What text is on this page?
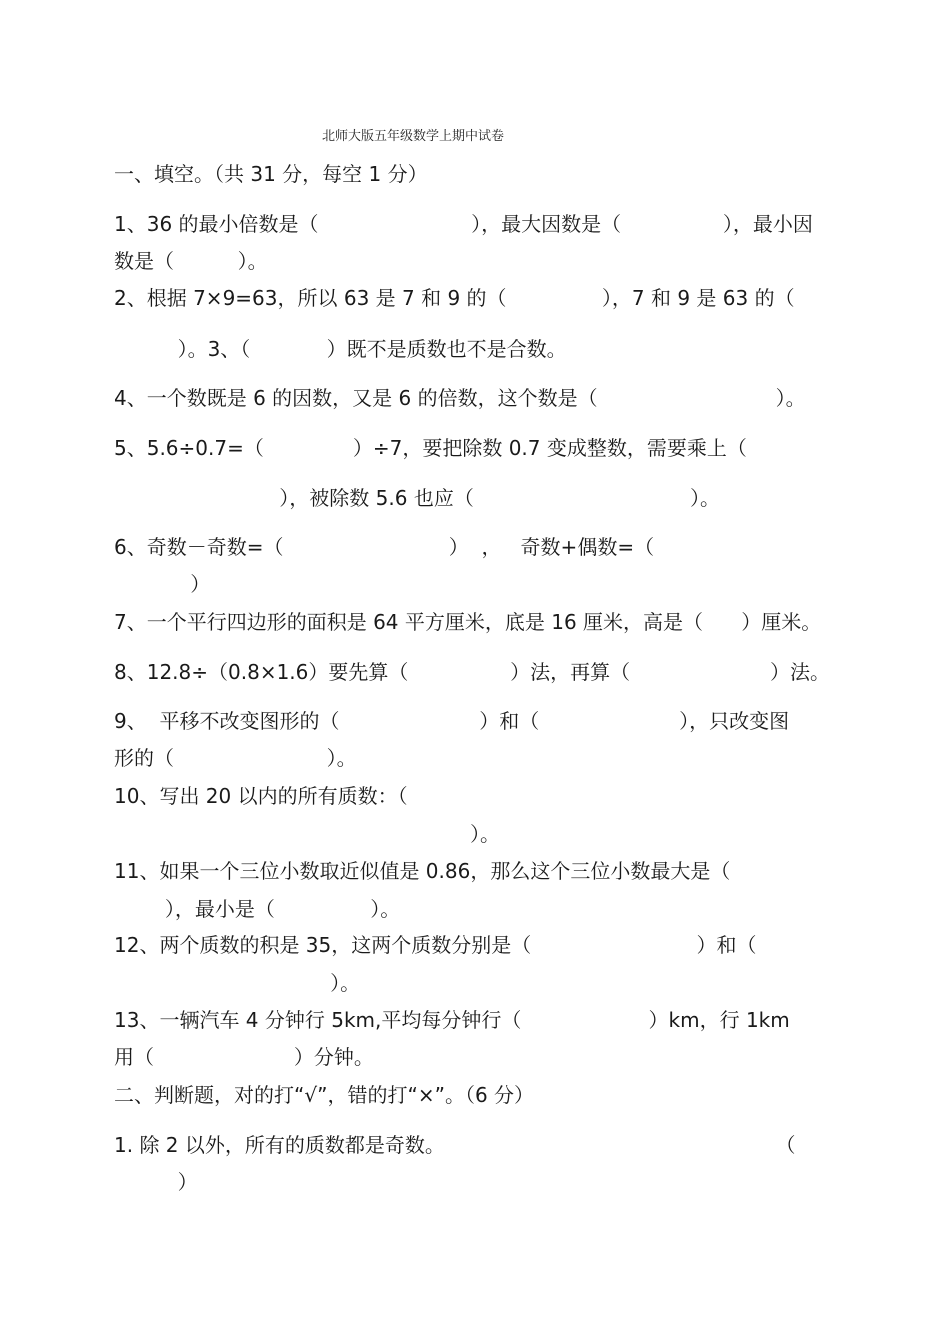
北师大版五年级数学上期中试卷
一、填空。（共 31 分，每空 1 分）
1、36 的最小倍数是（                        ），最大因数是（                ），最小因
数是（          ）。
2、根据 7×9=63，所以 63 是 7 和 9 的（               ），7 和 9 是 63 的（
）。3、（            ）既不是质数也不是合数。
4、一个数既是 6 的因数，又是 6 的倍数，这个数是（                            ）。
5、5.6÷0.7=（              ）÷7，要把除数 0.7 变成整数，需要乘上（
），被除数 5.6 也应（                                  ）。
6、奇数－奇数=（                          ）  ，   奇数+偶数=（
）
7、一个平行四边形的面积是 64 平方厘米，底是 16 厘米，高是（      ）厘米。
8、12.8÷（0.8×1.6）要先算（                ）法，再算（                      ）法。
9、  平移不改变图形的（                      ）和（                      ），只改变图
形的（                        ）。
10、写出 20 以内的所有质数：（
）。
11、如果一个三位小数取近似值是 0.86，那么这个三位小数最大是（
），最小是（               ）。
12、两个质数的积是 35，这两个质数分别是（                          ）和（
）。
13、一辆汽车 4 分钟行 5km,平均每分钟行（                    ）km，行 1km
用（                      ）分钟。
二、判断题，对的打“√”，错的打“×”。（6 分）
1. 除 2 以外，所有的质数都是奇数。                                                    （
）
